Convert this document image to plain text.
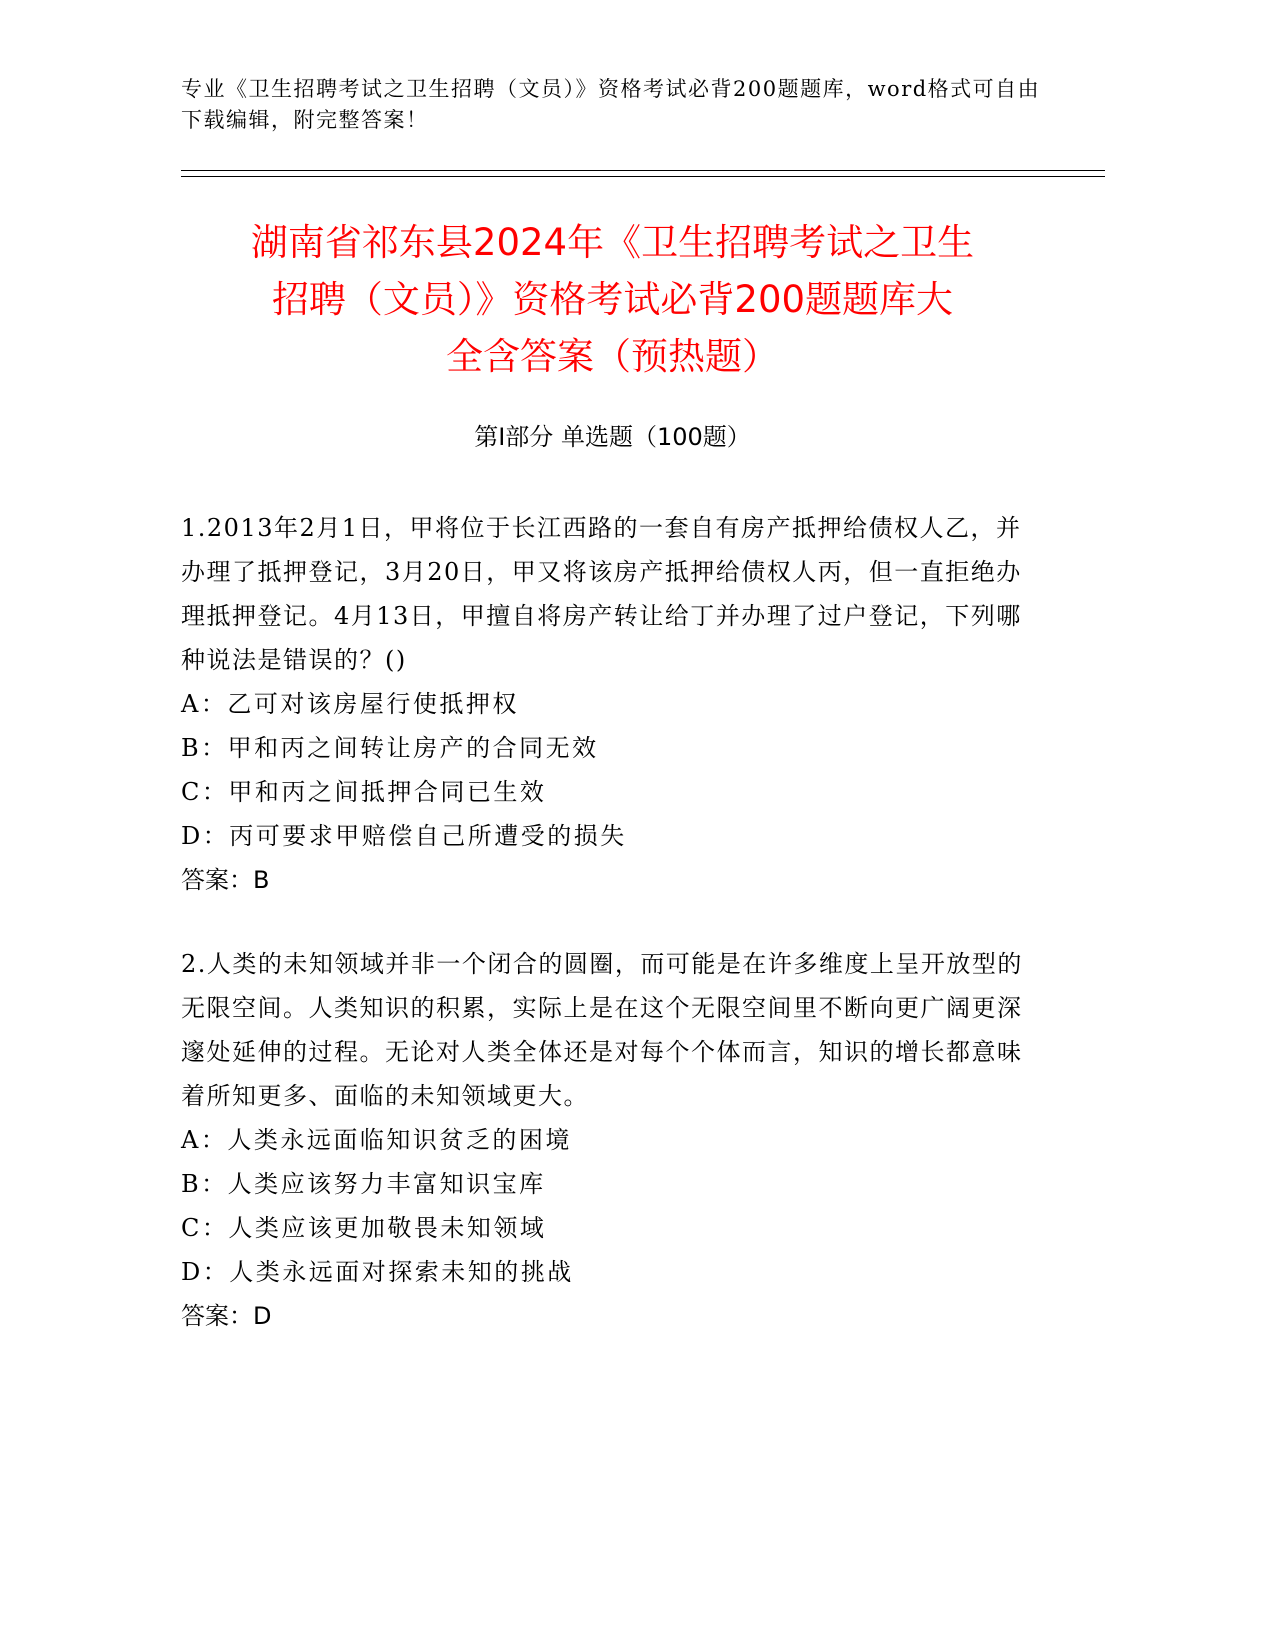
专业《卫生招聘考试之卫生招聘（文员）》资格考试必背200题题库，word格式可自由下载编辑，附完整答案！

湖南省祁东县2024年《卫生招聘考试之卫生
招聘（文员）》资格考试必背200题题库大
全含答案（预热题）
第Ⅰ部分 单选题（100题）

1.2013年2月1日，甲将位于长江西路的一套自有房产抵押给债权人乙，并办理了抵押登记，3月20日，甲又将该房产抵押给债权人丙，但一直拒绝办理抵押登记。4月13日，甲擅自将房产转让给丁并办理了过户登记，下列哪种说法是错误的？()

A：乙可对该房屋行使抵押权

B：甲和丙之间转让房产的合同无效

C：甲和丙之间抵押合同已生效

D：丙可要求甲赔偿自己所遭受的损失

答案：B

2.人类的未知领域并非一个闭合的圆圈，而可能是在许多维度上呈开放型的无限空间。人类知识的积累，实际上是在这个无限空间里不断向更广阔更深邃处延伸的过程。无论对人类全体还是对每个个体而言，知识的增长都意味着所知更多、面临的未知领域更大。

A：人类永远面临知识贫乏的困境

B：人类应该努力丰富知识宝库

C：人类应该更加敬畏未知领域

D：人类永远面对探索未知的挑战

答案：D
